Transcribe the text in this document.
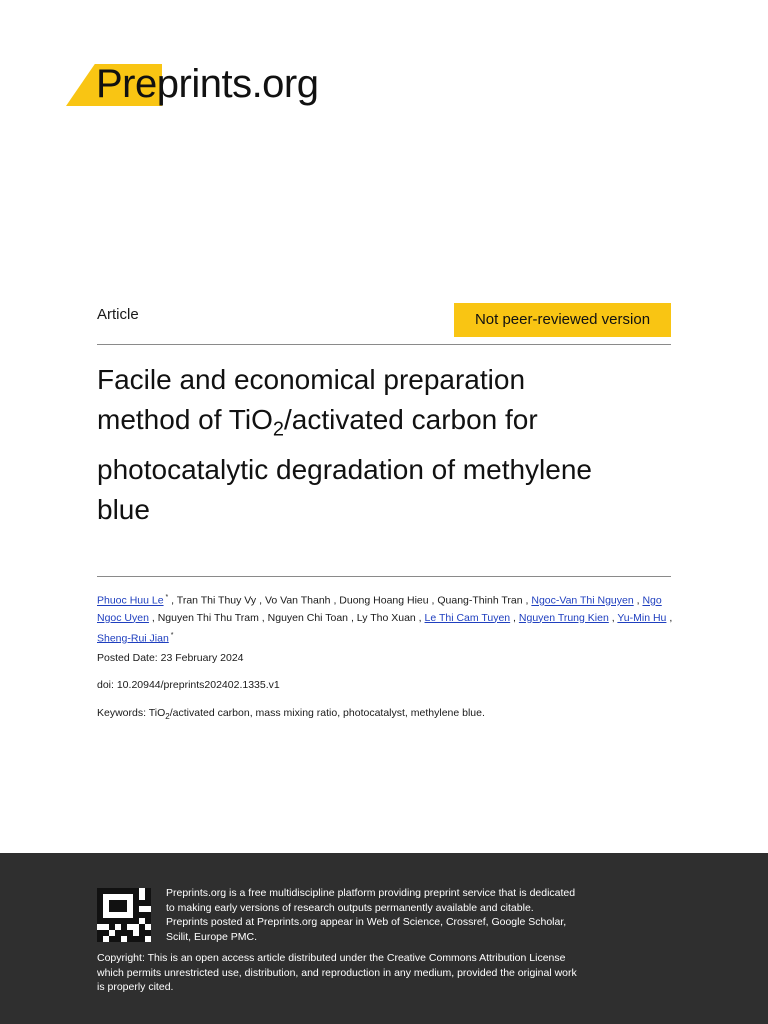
Preprints.org
Article	Not peer-reviewed version
Facile and economical preparation
method of TiO$_2$/activated carbon for
photocatalytic degradation of methylene
blue
Phuoc Huu Le * , Tran Thi Thuy Vy , Vo Van Thanh , Duong Hoang Hieu , Quang-Thinh Tran , Ngoc-Van Thi Nguyen , Ngo Ngoc Uyen , Nguyen Thi Thu Tram , Nguyen Chi Toan , Ly Tho Xuan , Le Thi Cam Tuyen , Nguyen Trung Kien , Yu-Min Hu , Sheng-Rui Jian *
Posted Date: 23 February 2024
doi: 10.20944/preprints202402.1335.v1
Keywords: TiO$_2$/activated carbon, mass mixing ratio, photocatalyst, methylene blue.
Preprints.org is a free multidiscipline platform providing preprint service that is dedicated to making early versions of research outputs permanently available and citable. Preprints posted at Preprints.org appear in Web of Science, Crossref, Google Scholar, Scilit, Europe PMC.
Copyright: This is an open access article distributed under the Creative Commons Attribution License which permits unrestricted use, distribution, and reproduction in any medium, provided the original work is properly cited.
